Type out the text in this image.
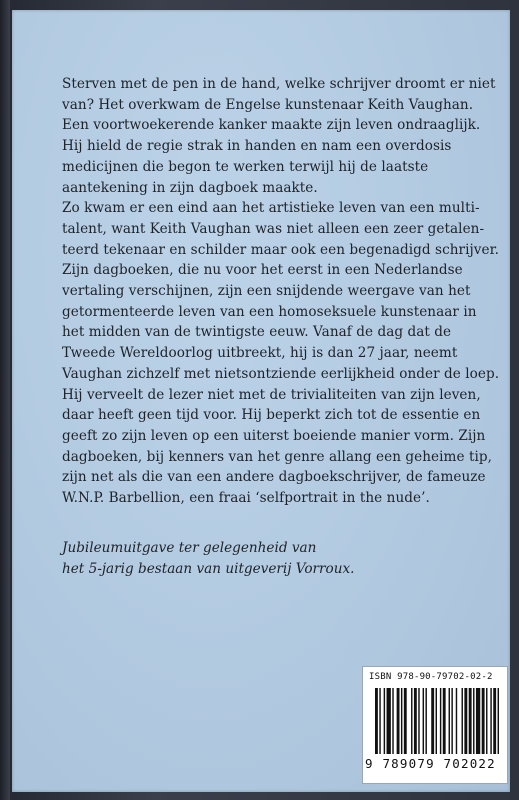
Sterven met de pen in de hand, welke schrijver droomt er niet
van? Het overkwam de Engelse kunstenaar Keith Vaughan.
Een voortwoekerende kanker maakte zijn leven ondraaglijk.
Hij hield de regie strak in handen en nam een overdosis
medicijnen die begon te werken terwijl hij de laatste
aantekening in zijn dagboek maakte.
Zo kwam er een eind aan het artistieke leven van een multi-
talent, want Keith Vaughan was niet alleen een zeer getalen-
teerd tekenaar en schilder maar ook een begenadigd schrijver.
Zijn dagboeken, die nu voor het eerst in een Nederlandse
vertaling verschijnen, zijn een snijdende weergave van het
getormenteerde leven van een homoseksuele kunstenaar in
het midden van de twintigste eeuw. Vanaf de dag dat de
Tweede Wereldoorlog uitbreekt, hij is dan 27 jaar, neemt
Vaughan zichzelf met nietsontziende eerlijkheid onder de loep.
Hij verveelt de lezer niet met de trivialiteiten van zijn leven,
daar heeft geen tijd voor. Hij beperkt zich tot de essentie en
geeft zo zijn leven op een uiterst boeiende manier vorm. Zijn
dagboeken, bij kenners van het genre allang een geheime tip,
zijn net als die van een andere dagboekschrijver, de fameuze
W.N.P. Barbellion, een fraai ‘selfportrait in the nude’.
Jubileumuitgave ter gelegenheid van
het 5-jarig bestaan van uitgeverij Vorroux.
ISBN 978-90-79702-02-2
9 789079 702022
